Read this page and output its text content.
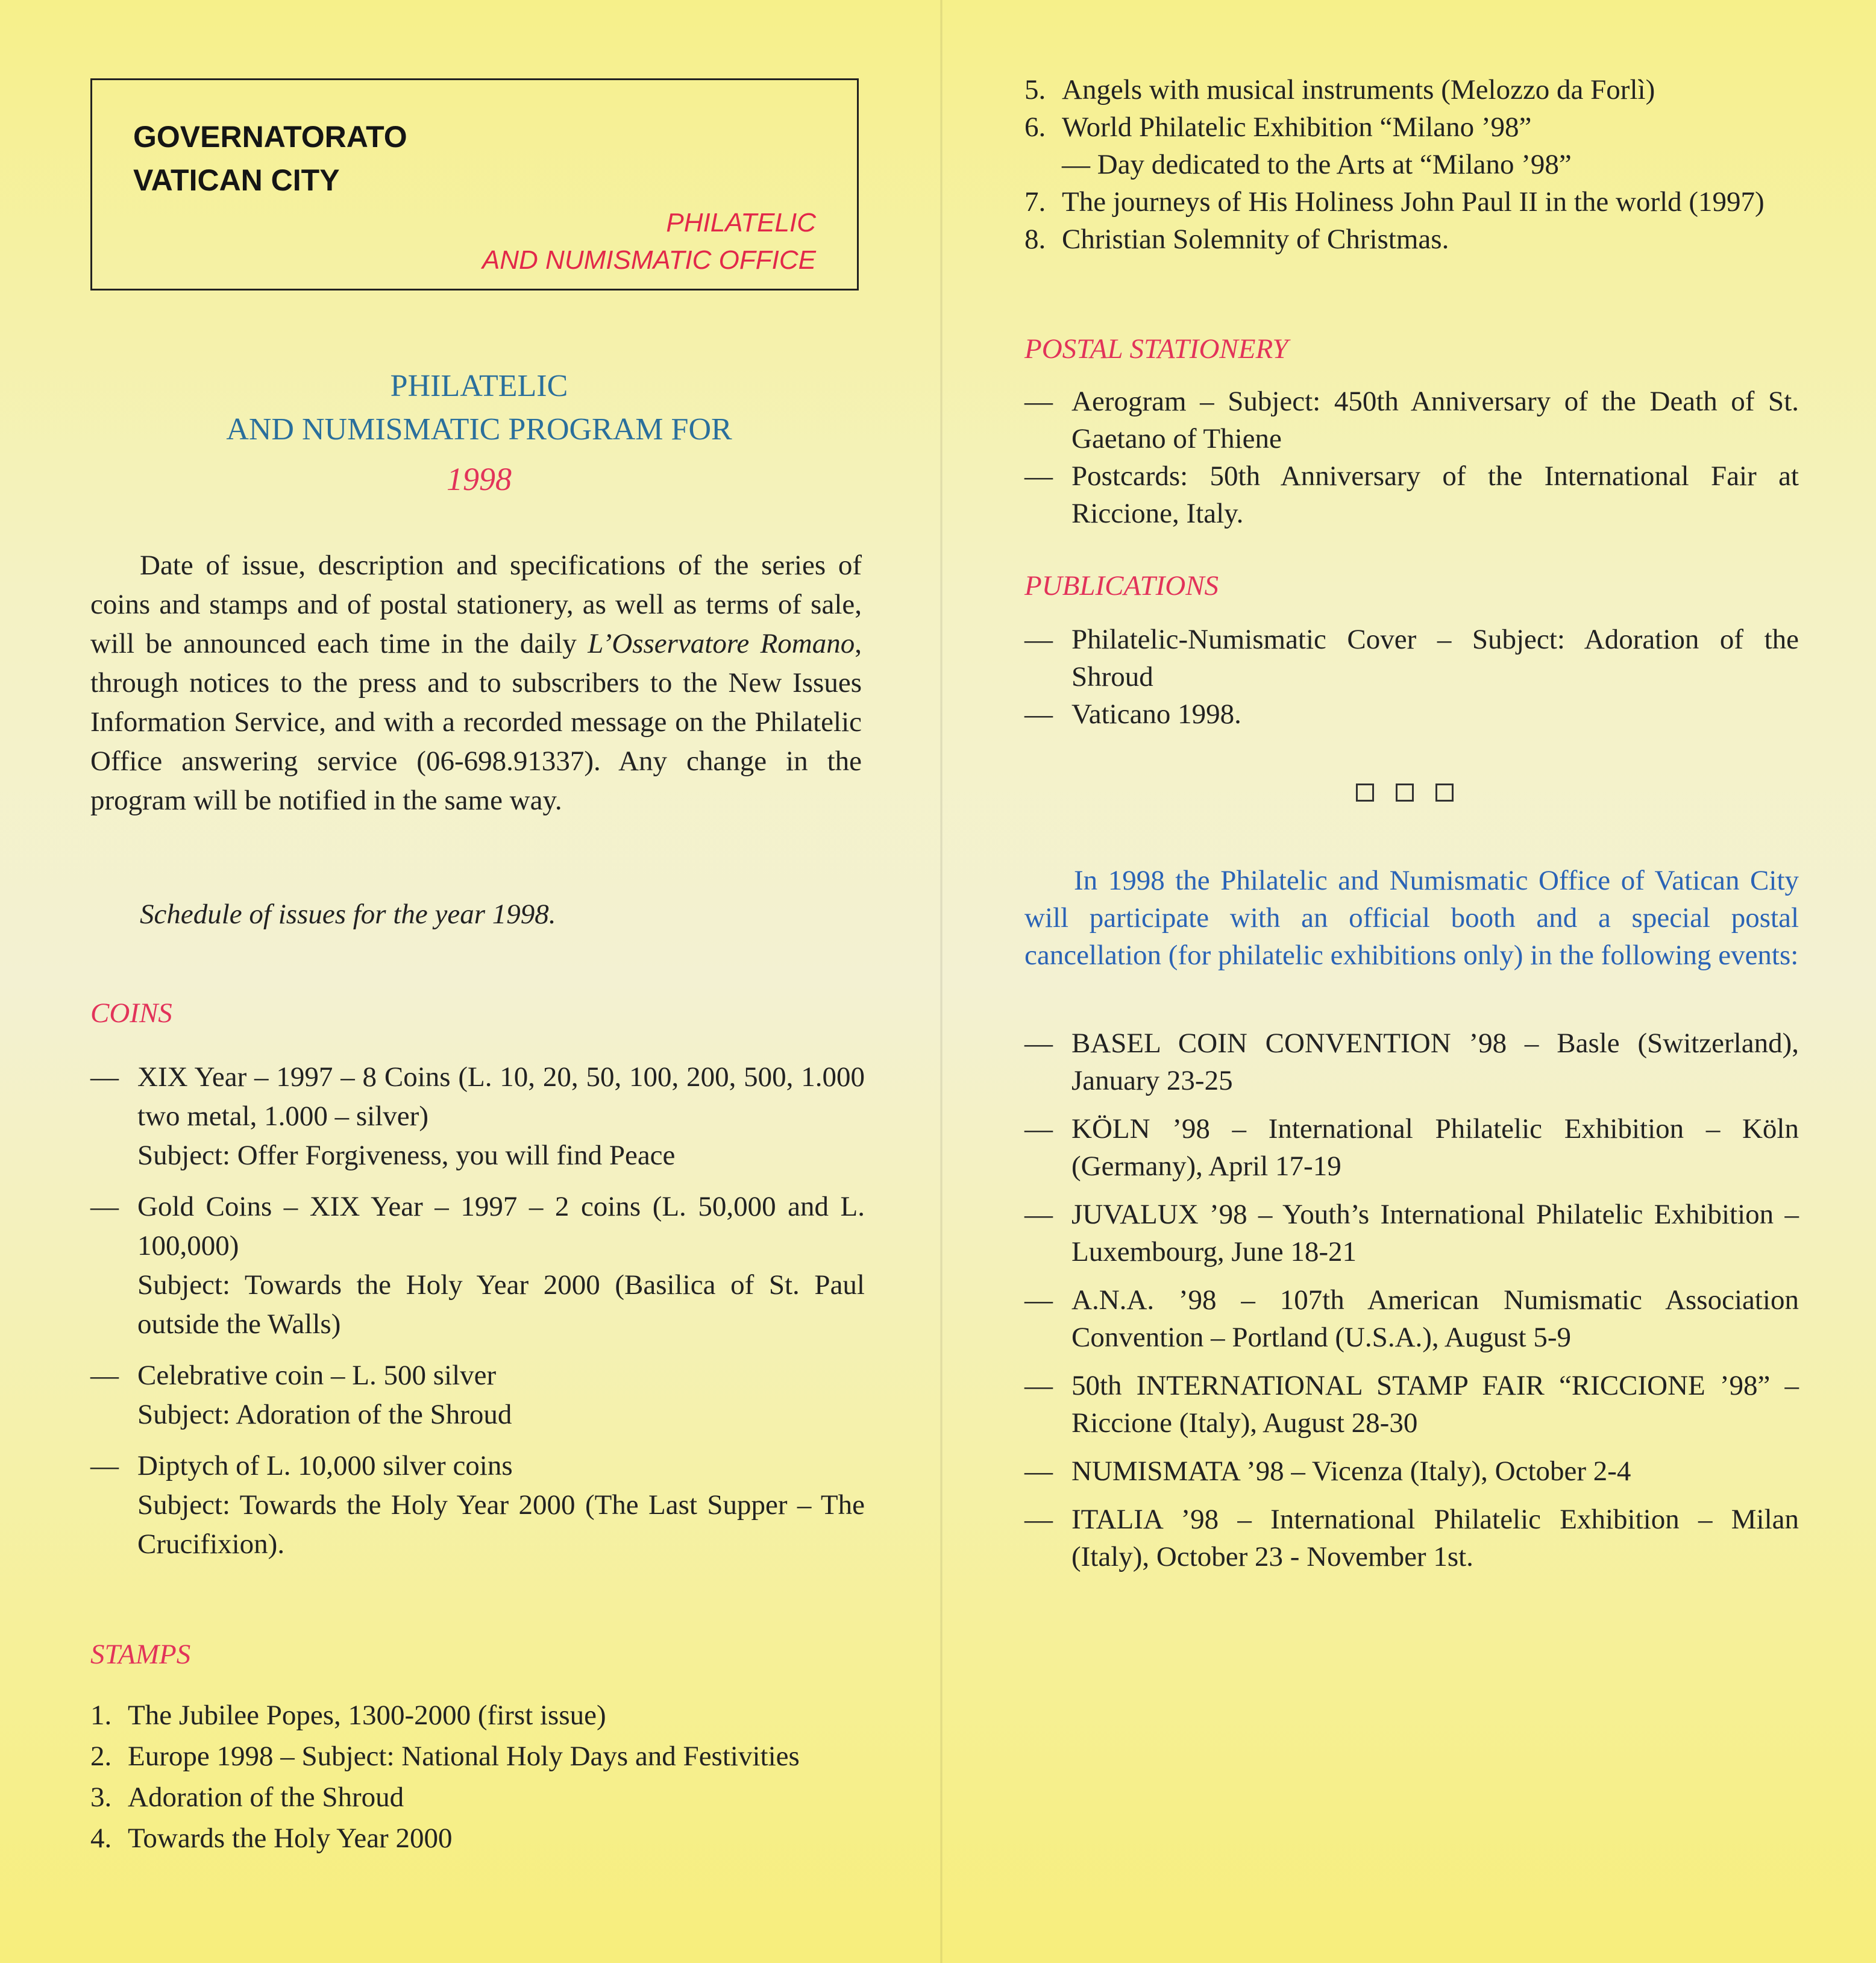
GOVERNATORATO
VATICAN CITY
PHILATELIC
AND NUMISMATIC OFFICE
PHILATELIC
AND NUMISMATIC PROGRAM FOR
1998
Date of issue, description and specifications of the series of coins and stamps and of postal stationery, as well as terms of sale, will be announced each time in the daily L’Osservatore Romano, through notices to the press and to subscribers to the New Issues Information Service, and with a recorded message on the Philatelic Office answering service (06-698.91337). Any change in the program will be notified in the same way.
Schedule of issues for the year 1998.
COINS
— XIX Year – 1997 – 8 Coins (L. 10, 20, 50, 100, 200, 500, 1.000 two metal, 1.000 – silver)
Subject: Offer Forgiveness, you will find Peace
— Gold Coins – XIX Year – 1997 – 2 coins (L. 50,000 and L. 100,000)
Subject: Towards the Holy Year 2000 (Basilica of St. Paul outside the Walls)
— Celebrative coin – L. 500 silver
Subject: Adoration of the Shroud
— Diptych of L. 10,000 silver coins
Subject: Towards the Holy Year 2000 (The Last Supper – The Crucifixion).
STAMPS
1. The Jubilee Popes, 1300-2000 (first issue)
2. Europe 1998 – Subject: National Holy Days and Festivities
3. Adoration of the Shroud
4. Towards the Holy Year 2000
5. Angels with musical instruments (Melozzo da Forlì)
6. World Philatelic Exhibition “Milano ’98”
— Day dedicated to the Arts at “Milano ’98”
7. The journeys of His Holiness John Paul II in the world (1997)
8. Christian Solemnity of Christmas.
POSTAL STATIONERY
— Aerogram – Subject: 450th Anniversary of the Death of St. Gaetano of Thiene
— Postcards: 50th Anniversary of the International Fair at Riccione, Italy.
PUBLICATIONS
— Philatelic-Numismatic Cover – Subject: Adoration of the Shroud
— Vaticano 1998.
In 1998 the Philatelic and Numismatic Office of Vatican City will participate with an official booth and a special postal cancellation (for philatelic exhibitions only) in the following events:
— BASEL COIN CONVENTION ’98 – Basle (Switzerland), January 23-25
— KÖLN ’98 – International Philatelic Exhibition – Köln (Germany), April 17-19
— JUVALUX ’98 – Youth’s International Philatelic Exhibition – Luxembourg, June 18-21
— A.N.A. ’98 – 107th American Numismatic Association Convention – Portland (U.S.A.), August 5-9
— 50th INTERNATIONAL STAMP FAIR “RICCIONE ’98” – Riccione (Italy), August 28-30
— NUMISMATA ’98 – Vicenza (Italy), October 2-4
— ITALIA ’98 – International Philatelic Exhibition – Milan (Italy), October 23 - November 1st.
